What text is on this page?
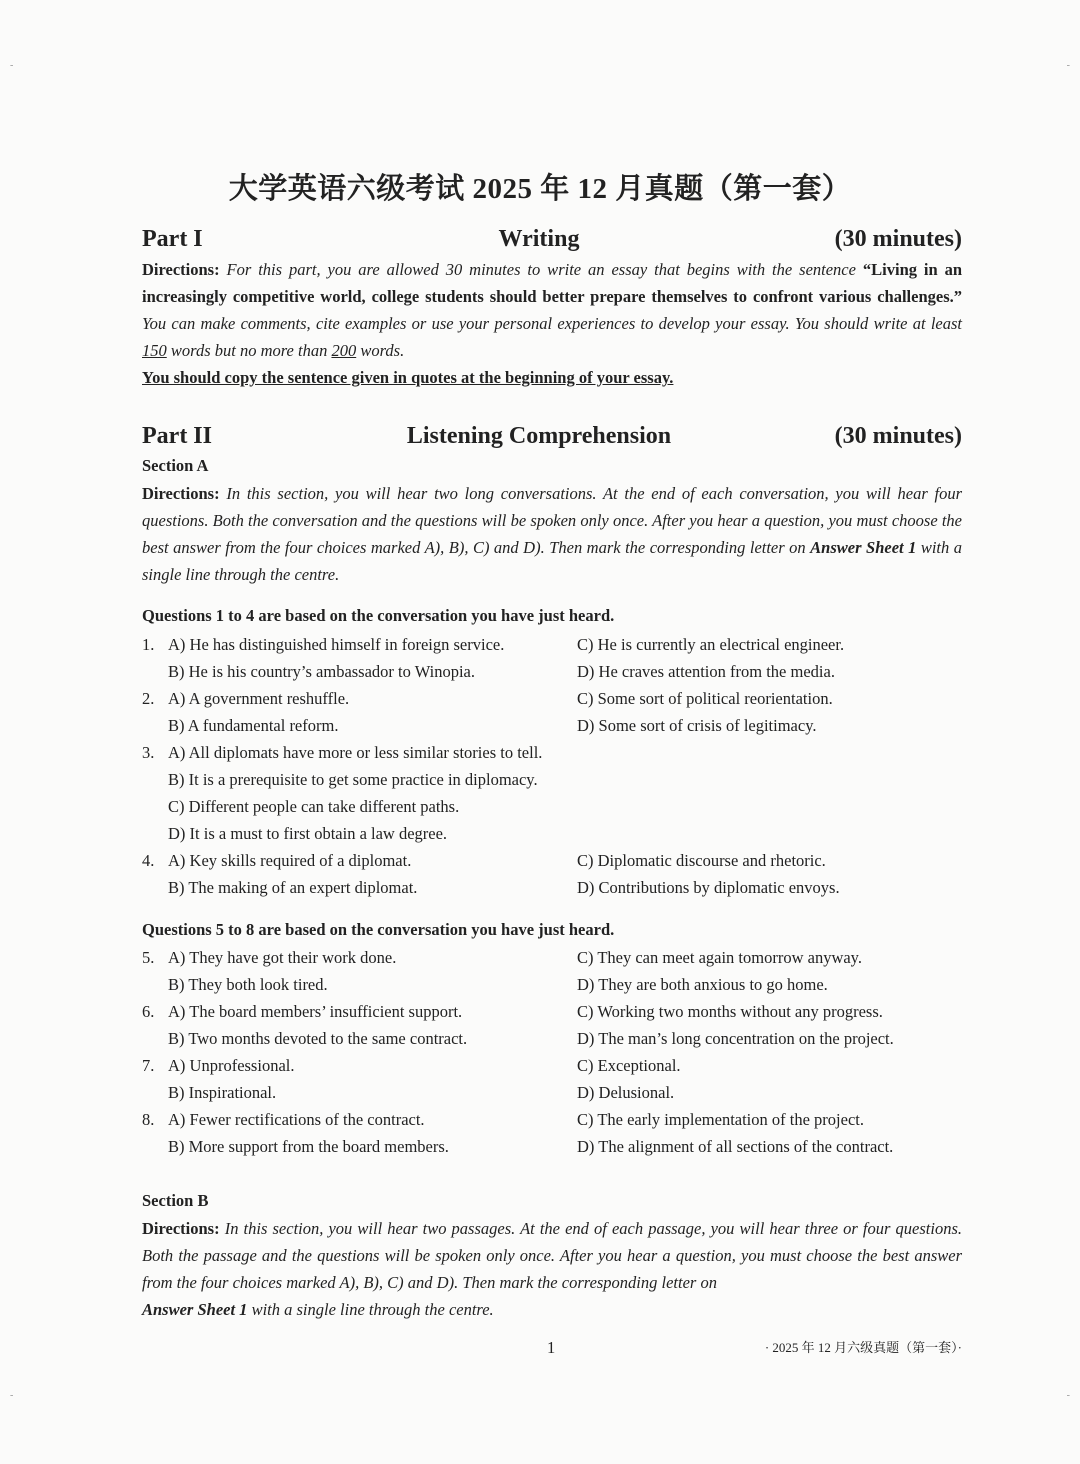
-	-
-	-
大学英语六级考试 2025 年 12 月真题（第一套）
Part I	Writing	(30 minutes)
Directions: For this part, you are allowed 30 minutes to write an essay that begins with the sentence “Living in an increasingly competitive world, college students should better prepare themselves to confront various challenges.” You can make comments, cite examples or use your personal experiences to develop your essay. You should write at least 150 words but no more than 200 words.
You should copy the sentence given in quotes at the beginning of your essay.
Part II	Listening Comprehension	(30 minutes)
Section A
Directions: In this section, you will hear two long conversations. At the end of each conversation, you will hear four questions. Both the conversation and the questions will be spoken only once. After you hear a question, you must choose the best answer from the four choices marked A), B), C) and D). Then mark the corresponding letter on Answer Sheet 1 with a single line through the centre.
Questions 1 to 4 are based on the conversation you have just heard.
1. A) He has distinguished himself in foreign service.	C) He is currently an electrical engineer.
B) He is his country’s ambassador to Winopia.	D) He craves attention from the media.
2. A) A government reshuffle.	C) Some sort of political reorientation.
B) A fundamental reform.	D) Some sort of crisis of legitimacy.
3. A) All diplomats have more or less similar stories to tell.
B) It is a prerequisite to get some practice in diplomacy.
C) Different people can take different paths.
D) It is a must to first obtain a law degree.
4. A) Key skills required of a diplomat.	C) Diplomatic discourse and rhetoric.
B) The making of an expert diplomat.	D) Contributions by diplomatic envoys.
Questions 5 to 8 are based on the conversation you have just heard.
5. A) They have got their work done.	C) They can meet again tomorrow anyway.
B) They both look tired.	D) They are both anxious to go home.
6. A) The board members’ insufficient support.	C) Working two months without any progress.
B) Two months devoted to the same contract.	D) The man’s long concentration on the project.
7. A) Unprofessional.	C) Exceptional.
B) Inspirational.	D) Delusional.
8. A) Fewer rectifications of the contract.	C) The early implementation of the project.
B) More support from the board members.	D) The alignment of all sections of the contract.
Section B
Directions: In this section, you will hear two passages. At the end of each passage, you will hear three or four questions. Both the passage and the questions will be spoken only once. After you hear a question, you must choose the best answer from the four choices marked A), B), C) and D). Then mark the corresponding letter on
Answer Sheet 1 with a single line through the centre.
1	· 2025 年 12 月六级真题（第一套）·
